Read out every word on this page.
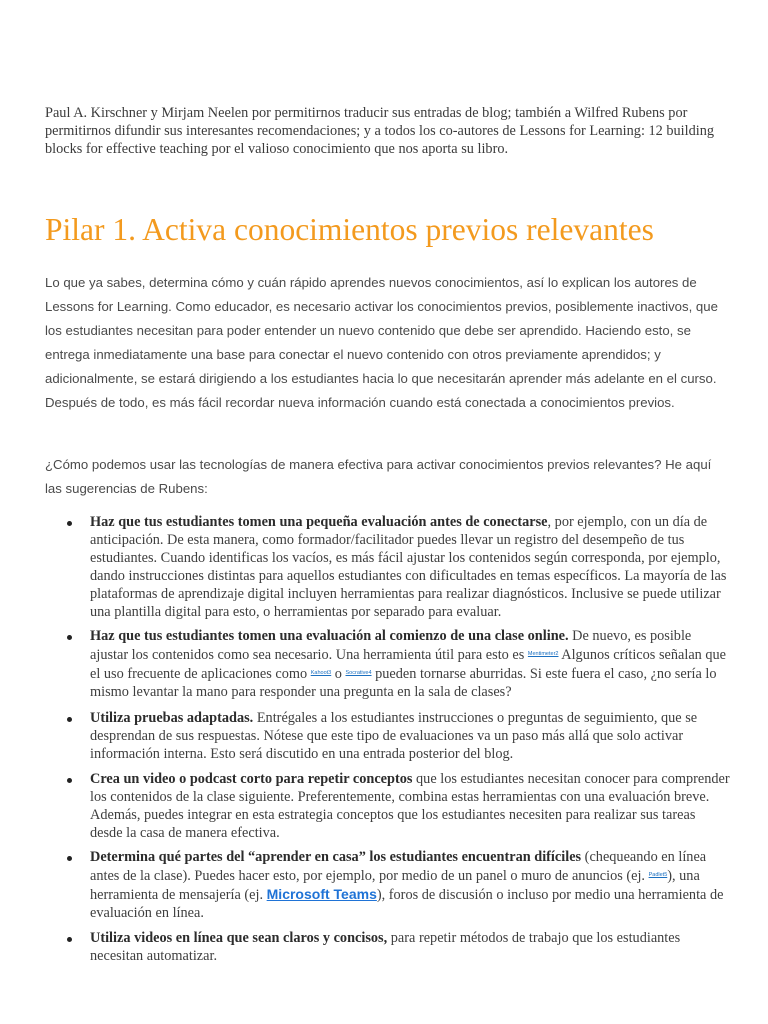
Paul A. Kirschner y Mirjam Neelen por permitirnos traducir sus entradas de blog; también a Wilfred Rubens por permitirnos difundir sus interesantes recomendaciones; y a todos los co-autores de Lessons for Learning: 12 building blocks for effective teaching por el valioso conocimiento que nos aporta su libro.

Pilar 1. Activa conocimientos previos relevantes

Lo que ya sabes, determina cómo y cuán rápido aprendes nuevos conocimientos, así lo explican los autores de Lessons for Learning. Como educador, es necesario activar los conocimientos previos, posiblemente inactivos, que los estudiantes necesitan para poder entender un nuevo contenido que debe ser aprendido. Haciendo esto, se entrega inmediatamente una base para conectar el nuevo contenido con otros previamente aprendidos; y adicionalmente, se estará dirigiendo a los estudiantes hacia lo que necesitarán aprender más adelante en el curso. Después de todo, es más fácil recordar nueva información cuando está conectada a conocimientos previos.

¿Cómo podemos usar las tecnologías de manera efectiva para activar conocimientos previos relevantes? He aquí las sugerencias de Rubens:

Haz que tus estudiantes tomen una pequeña evaluación antes de conectarse, por ejemplo, con un día de anticipación. De esta manera, como formador/facilitador puedes llevar un registro del desempeño de tus estudiantes. Cuando identificas los vacíos, es más fácil ajustar los contenidos según corresponda, por ejemplo, dando instrucciones distintas para aquellos estudiantes con dificultades en temas específicos. La mayoría de las plataformas de aprendizaje digital incluyen herramientas para realizar diagnósticos. Inclusive se puede utilizar una plantilla digital para esto, o herramientas por separado para evaluar.
Haz que tus estudiantes tomen una evaluación al comienzo de una clase online. De nuevo, es posible ajustar los contenidos como sea necesario. Una herramienta útil para esto es $^{Mentimeter2}$ Algunos críticos señalan que el uso frecuente de aplicaciones como $^{Kahoot3}$ o $^{Socrative4}$ pueden tornarse aburridas. Si este fuera el caso, ¿no sería lo mismo levantar la mano para responder una pregunta en la sala de clases?
Utiliza pruebas adaptadas. Entrégales a los estudiantes instrucciones o preguntas de seguimiento, que se desprendan de sus respuestas. Nótese que este tipo de evaluaciones va un paso más allá que solo activar información interna. Esto será discutido en una entrada posterior del blog.
Crea un video o podcast corto para repetir conceptos que los estudiantes necesitan conocer para comprender los contenidos de la clase siguiente. Preferentemente, combina estas herramientas con una evaluación breve. Además, puedes integrar en esta estrategia conceptos que los estudiantes necesiten para realizar sus tareas desde la casa de manera efectiva.
Determina qué partes del “aprender en casa” los estudiantes encuentran difíciles (chequeando en línea antes de la clase). Puedes hacer esto, por ejemplo, por medio de un panel o muro de anuncios (ej. $^{Padlet5}$), una herramienta de mensajería (ej. Microsoft Teams), foros de discusión o incluso por medio una herramienta de evaluación en línea.
Utiliza videos en línea que sean claros y concisos, para repetir métodos de trabajo que los estudiantes necesitan automatizar.
